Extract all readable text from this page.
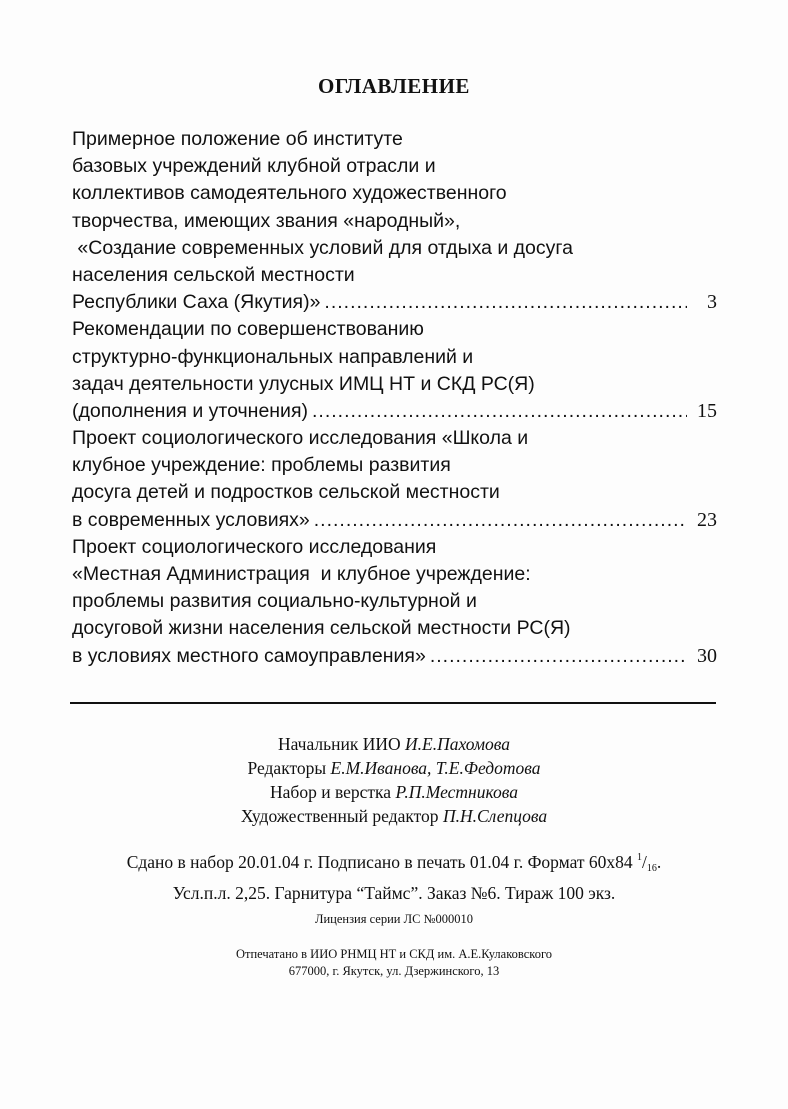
ОГЛАВЛЕНИЕ
Примерное положение об институте
базовых учреждений клубной отрасли и
коллективов самодеятельного художественного
творчества, имеющих звания «народный»,
«Создание современных условий для отдыха и досуга
населения сельской местности
Республики Саха (Якутия)» .....	3
Рекомендации по совершенствованию
структурно-функциональных направлений и
задач деятельности улусных ИМЦ НТ и СКД РС(Я)
(дополнения и уточнения) .....	15
Проект социологического исследования «Школа и
клубное учреждение: проблемы развития
досуга детей и подростков сельской местности
в современных условиях» .....	23
Проект социологического исследования
«Местная Администрация  и клубное учреждение:
проблемы развития социально-культурной и
досуговой жизни населения сельской местности РС(Я)
в условиях местного самоуправления» .....	30
Начальник ИИО И.Е.Пахомова
Редакторы Е.М.Иванова, Т.Е.Федотова
Набор и верстка Р.П.Местникова
Художественный редактор П.Н.Слепцова
Сдано в набор 20.01.04 г. Подписано в печать 01.04 г. Формат 60x84 $^1/_{16}$.
Усл.п.л. 2,25. Гарнитура “Таймс”. Заказ №6. Тираж 100 экз.
Лицензия серии ЛС №000010
Отпечатано в ИИО РНМЦ НТ и СКД им. А.Е.Кулаковского
677000, г. Якутск, ул. Дзержинского, 13
